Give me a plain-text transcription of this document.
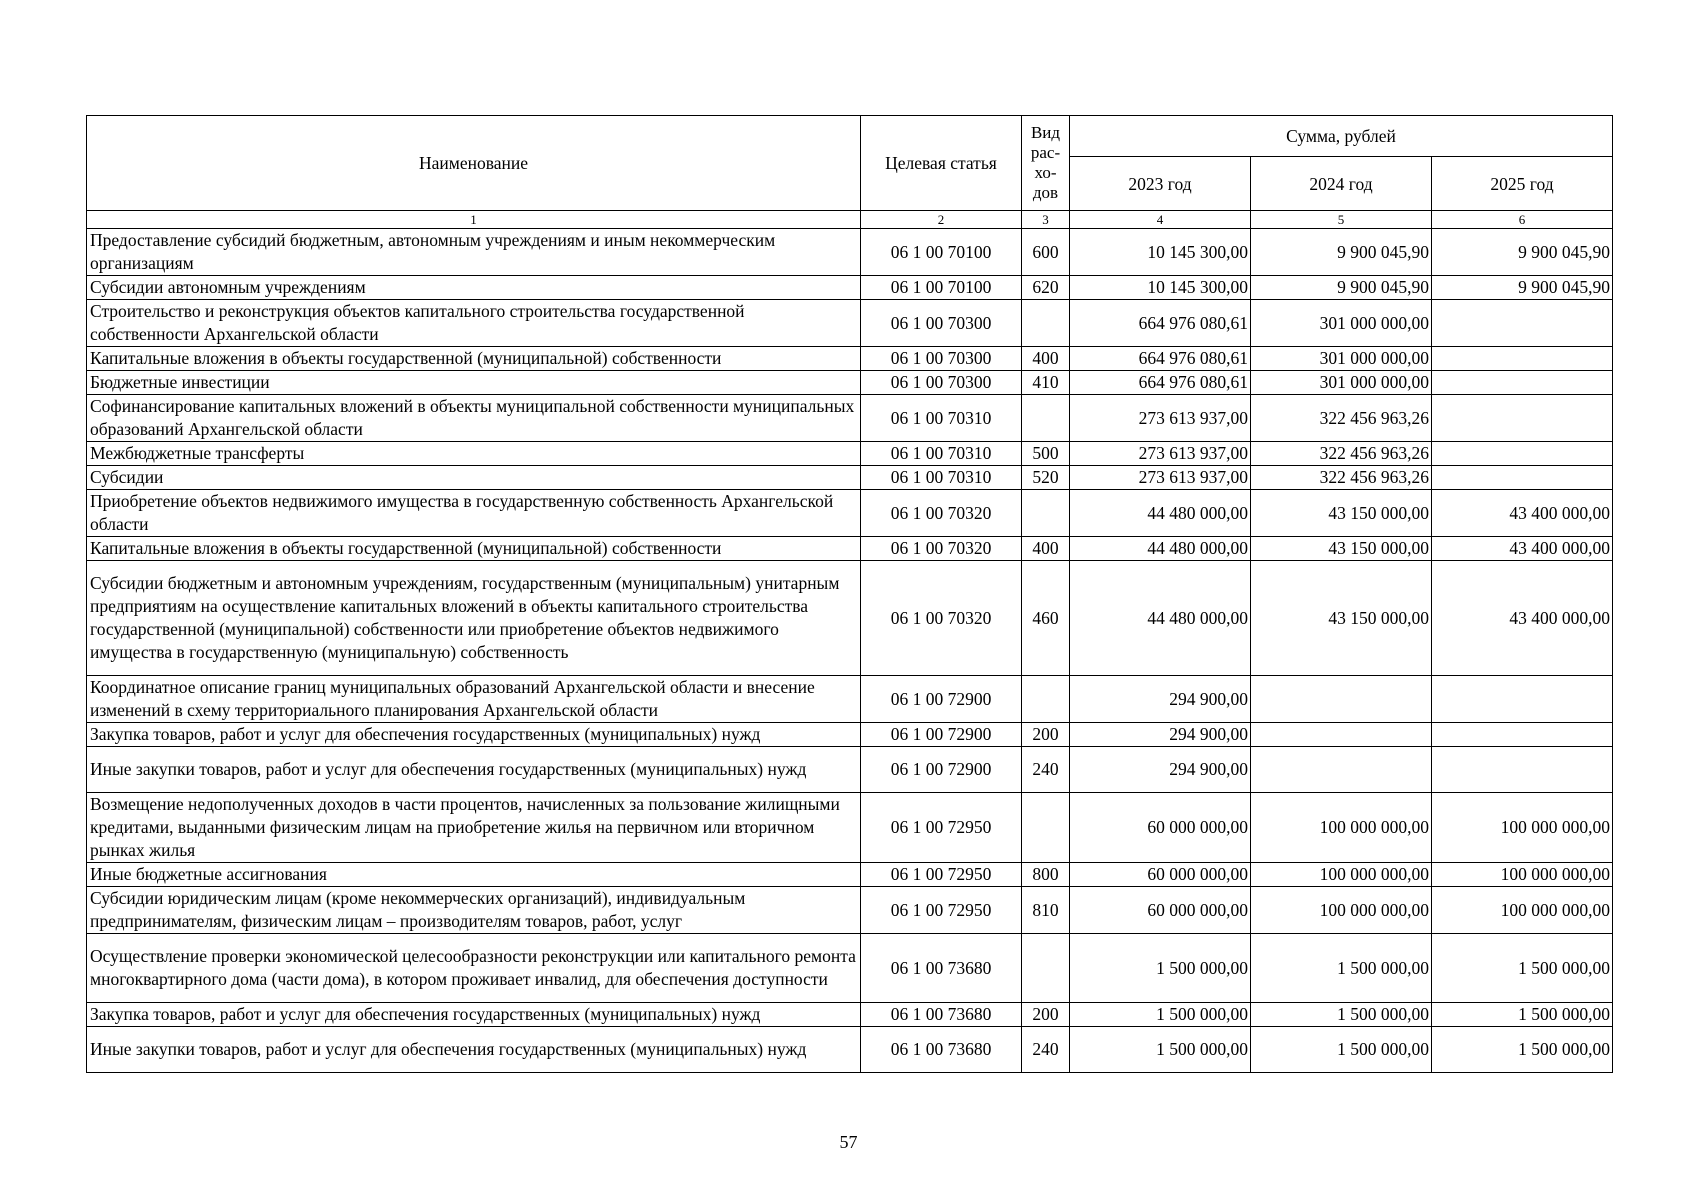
Наименование	Целевая статья	Вид рас-хо-дов	Сумма, рублей		
			2023 год	2024 год	2025 год
1	2	3	4	5	6
Предоставление субсидий бюджетным, автономным учреждениям и иным некоммерческим организациям	06 1 00 70100	600	10 145 300,00	9 900 045,90	9 900 045,90
Субсидии автономным учреждениям	06 1 00 70100	620	10 145 300,00	9 900 045,90	9 900 045,90
Строительство и реконструкция объектов капитального строительства государственной собственности Архангельской области	06 1 00 70300		664 976 080,61	301 000 000,00	
Капитальные вложения в объекты государственной (муниципальной) собственности	06 1 00 70300	400	664 976 080,61	301 000 000,00	
Бюджетные инвестиции	06 1 00 70300	410	664 976 080,61	301 000 000,00	
Софинансирование капитальных вложений в объекты муниципальной собственности муниципальных образований Архангельской области	06 1 00 70310		273 613 937,00	322 456 963,26	
Межбюджетные трансферты	06 1 00 70310	500	273 613 937,00	322 456 963,26	
Субсидии	06 1 00 70310	520	273 613 937,00	322 456 963,26	
Приобретение объектов недвижимого имущества в государственную собственность Архангельской области	06 1 00 70320		44 480 000,00	43 150 000,00	43 400 000,00
Капитальные вложения в объекты государственной (муниципальной) собственности	06 1 00 70320	400	44 480 000,00	43 150 000,00	43 400 000,00
Субсидии бюджетным и автономным учреждениям, государственным (муниципальным) унитарным предприятиям на осуществление капитальных вложений в объекты капитального строительства государственной (муниципальной) собственности или приобретение объектов недвижимого имущества в государственную (муниципальную) собственность	06 1 00 70320	460	44 480 000,00	43 150 000,00	43 400 000,00
Координатное описание границ муниципальных образований Архангельской области и внесение изменений в схему территориального планирования Архангельской области	06 1 00 72900		294 900,00		
Закупка товаров, работ и услуг для обеспечения государственных (муниципальных) нужд	06 1 00 72900	200	294 900,00		
Иные закупки товаров, работ и услуг для обеспечения государственных (муниципальных) нужд	06 1 00 72900	240	294 900,00		
Возмещение недополученных доходов в части процентов, начисленных за пользование жилищными кредитами, выданными физическим лицам на приобретение жилья на первичном или вторичном рынках жилья	06 1 00 72950		60 000 000,00	100 000 000,00	100 000 000,00
Иные бюджетные ассигнования	06 1 00 72950	800	60 000 000,00	100 000 000,00	100 000 000,00
Субсидии юридическим лицам (кроме некоммерческих организаций), индивидуальным предпринимателям, физическим лицам – производителям товаров, работ, услуг	06 1 00 72950	810	60 000 000,00	100 000 000,00	100 000 000,00
Осуществление проверки экономической целесообразности реконструкции или капитального ремонта многоквартирного дома (части дома), в котором проживает инвалид, для обеспечения доступности	06 1 00 73680		1 500 000,00	1 500 000,00	1 500 000,00
Закупка товаров, работ и услуг для обеспечения государственных (муниципальных) нужд	06 1 00 73680	200	1 500 000,00	1 500 000,00	1 500 000,00
Иные закупки товаров, работ и услуг для обеспечения государственных (муниципальных) нужд	06 1 00 73680	240	1 500 000,00	1 500 000,00	1 500 000,00
57
